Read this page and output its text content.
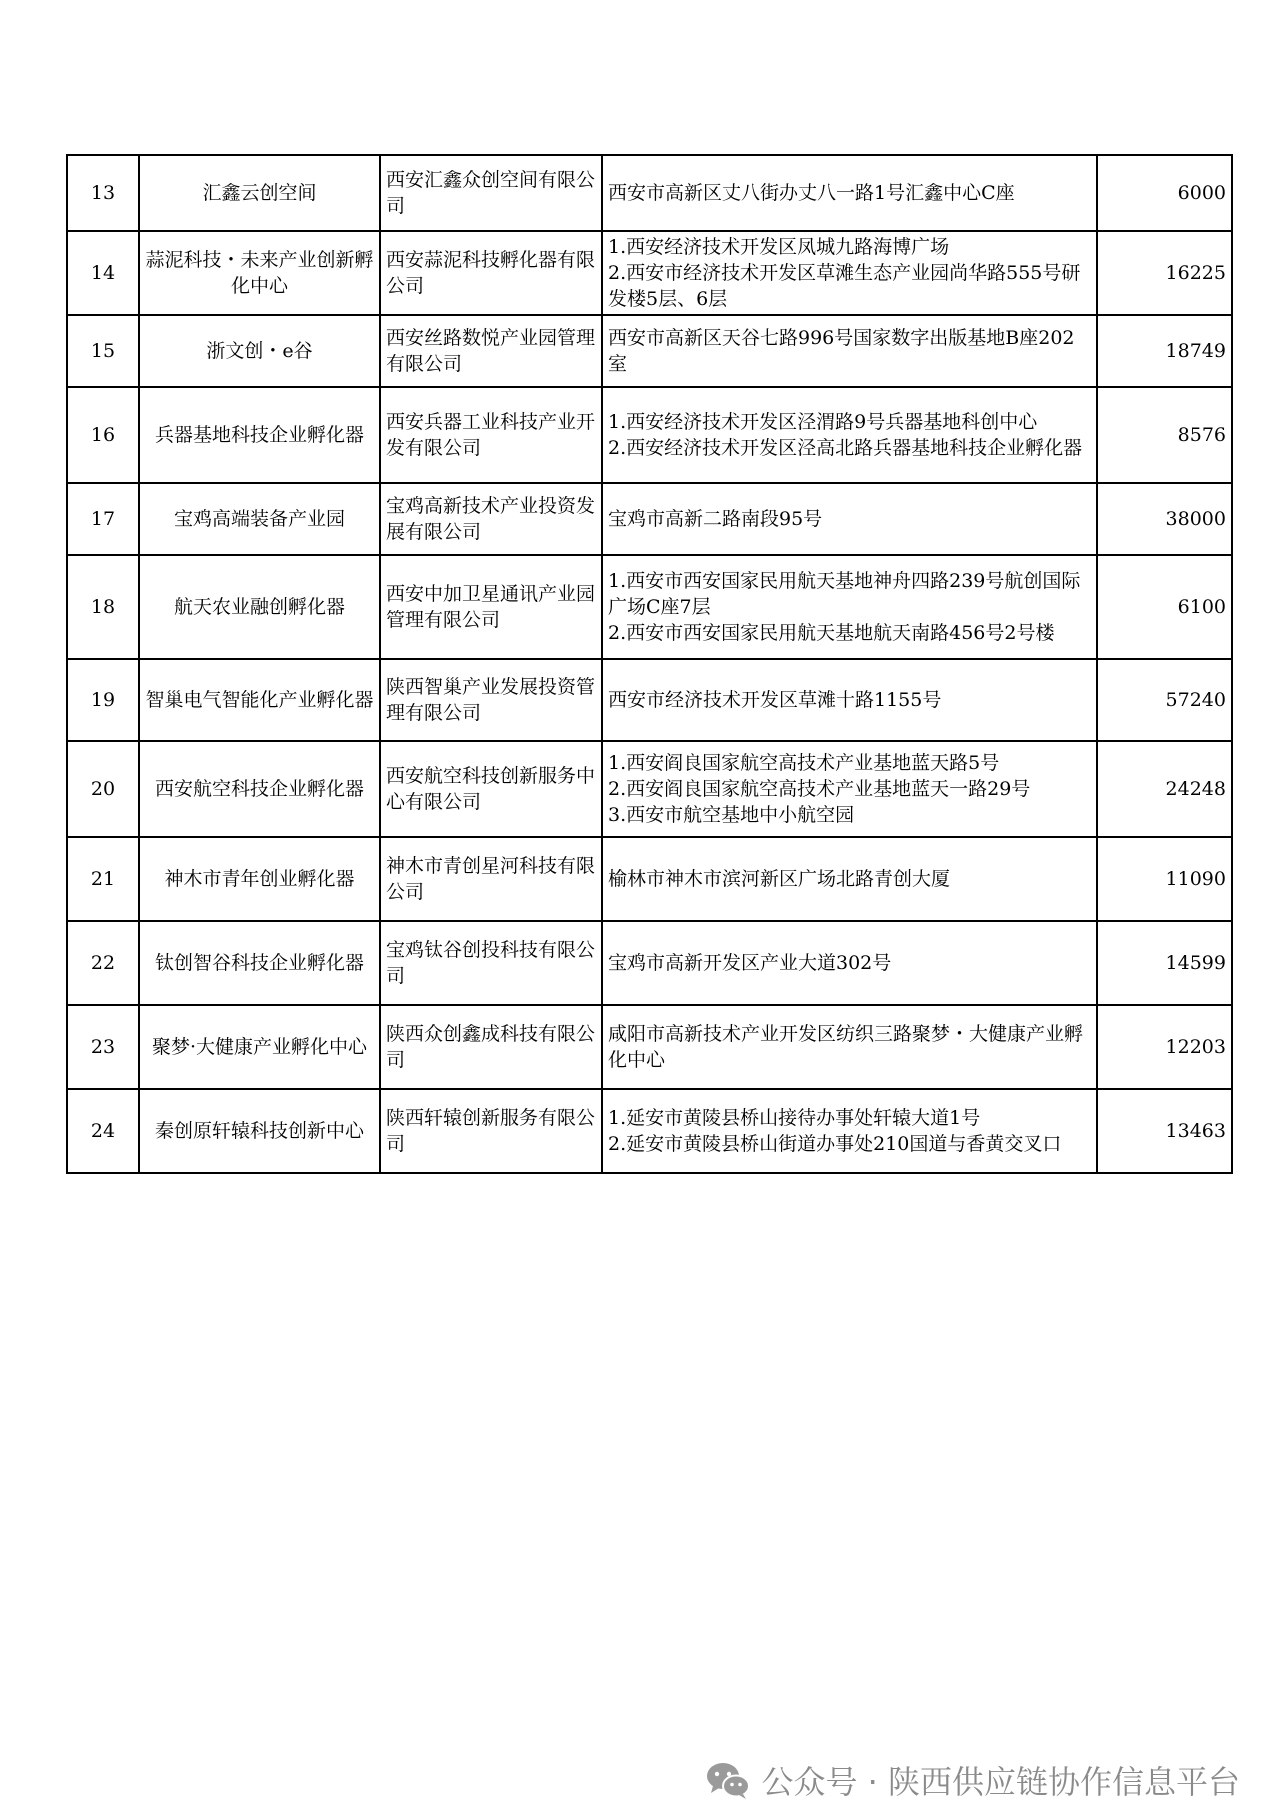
13	汇鑫云创空间	西安汇鑫众创空间有限公司	西安市高新区丈八街办丈八一路1号汇鑫中心C座	6000
14	蒜泥科技・未来产业创新孵化中心	西安蒜泥科技孵化器有限公司	1.西安经济技术开发区凤城九路海博广场
2.西安市经济技术开发区草滩生态产业园尚华路555号研发楼5层、6层	16225
15	浙文创・e谷	西安丝路数悦产业园管理有限公司	西安市高新区天谷七路996号国家数字出版基地B座202室	18749
16	兵器基地科技企业孵化器	西安兵器工业科技产业开发有限公司	1.西安经济技术开发区泾渭路9号兵器基地科创中心
2.西安经济技术开发区泾高北路兵器基地科技企业孵化器	8576
17	宝鸡高端装备产业园	宝鸡高新技术产业投资发展有限公司	宝鸡市高新二路南段95号	38000
18	航天农业融创孵化器	西安中加卫星通讯产业园管理有限公司	1.西安市西安国家民用航天基地神舟四路239号航创国际广场C座7层
2.西安市西安国家民用航天基地航天南路456号2号楼	6100
19	智巢电气智能化产业孵化器	陕西智巢产业发展投资管理有限公司	西安市经济技术开发区草滩十路1155号	57240
20	西安航空科技企业孵化器	西安航空科技创新服务中心有限公司	1.西安阎良国家航空高技术产业基地蓝天路5号
2.西安阎良国家航空高技术产业基地蓝天一路29号
3.西安市航空基地中小航空园	24248
21	神木市青年创业孵化器	神木市青创星河科技有限公司	榆林市神木市滨河新区广场北路青创大厦	11090
22	钛创智谷科技企业孵化器	宝鸡钛谷创投科技有限公司	宝鸡市高新开发区产业大道302号	14599
23	聚梦·大健康产业孵化中心	陕西众创鑫成科技有限公司	咸阳市高新技术产业开发区纺织三路聚梦・大健康产业孵化中心	12203
24	秦创原轩辕科技创新中心	陕西轩辕创新服务有限公司	1.延安市黄陵县桥山接待办事处轩辕大道1号
2.延安市黄陵县桥山街道办事处210国道与香黄交叉口	13463
公众号 · 陕西供应链协作信息平台
